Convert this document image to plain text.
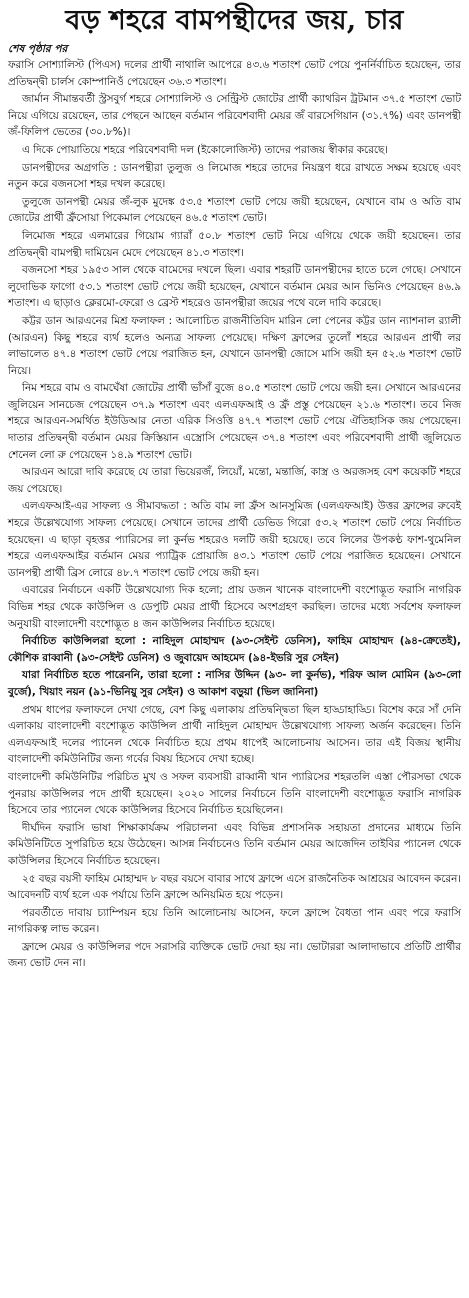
বড় শহরে বামপন্থীদের জয়, চার
শেষ পৃষ্ঠার পর

ফরাসি সোশ্যালিস্ট (পিএস) দলের প্রার্থী নাথালি আপেরে ৪৩.৬ শতাংশ ভোট পেয়ে পুনর্নির্বাচিত হয়েছেন, তার প্রতিদ্বন্দ্বী চার্লস কোম্পানিওঁ পেয়েছেন ৩৬.৩ শতাংশ।

জার্মান সীমান্তবর্তী স্ট্রসবুর্গ শহরে সোশ্যালিস্ট ও সেন্ট্রিস্ট জোটের প্রার্থী ক্যাথরিন ট্রটমান ৩৭.৫ শতাংশ ভোট নিয়ে এগিয়ে রয়েছেন, তার পেছনে আছেন বর্তমান পরিবেশবাদী মেয়র জঁ বারসেগিয়ান (৩১.৭%) এবং ডানপন্থী জঁ-ফিলিপ ভেতের (৩০.৮%)।

এ দিকে পোয়াতিয়ে শহরে পরিবেশবাদী দল (ইকোলোজিস্ট) তাদের পরাজয় স্বীকার করেছে।

ডানপন্থীদের অগ্রগতি : ডানপন্থীরা তুলুজ ও লিমোজ শহরে তাদের নিয়ন্ত্রণ ধরে রাখতে সক্ষম হয়েছে এবং নতুন করে বজনসো শহর দখল করেছে।

তুলুজে ডানপন্থী মেয়র জঁ-লুক মুদেঙ্ক ৫৩.৫ শতাংশ ভোট পেয়ে জয়ী হয়েছেন, যেখানে বাম ও অতি বাম জোটের প্রার্থী ফ্রঁসোয়া পিকেমাল পেয়েছেন ৪৬.৫ শতাংশ ভোট।

লিমোজ শহরে এলমারের গিয়োম গ্যারাঁ ৫০.৮ শতাংশ ভোট নিয়ে এগিয়ে থেকে জয়ী হয়েছেন। তার প্রতিদ্বন্দ্বী বামপন্থী দামিয়েন মেদে পেয়েছেন ৪১.৩ শতাংশ।

বজনসো শহর ১৯৫৩ সাল থেকে বামেদের দখলে ছিল। এবার শহরটি ডানপন্থীদের হাতে চলে গেছে। সেখানে লুদোভিক ফাগো ৫৩.১ শতাংশ ভোট পেয়ে জয়ী হয়েছেন, যেখানে বর্তমান মেয়র আন ভিনিও পেয়েছেন ৪৬.৯ শতাংশ। এ ছাড়াও ক্লেরমো-ফেরো ও ব্রেস্ট শহরেও ডানপন্থীরা জয়ের পথে বলে দাবি করেছে।

কট্টর ডান আরএনের মিশ্র ফলাফল : আলোচিত রাজনীতিবিদ মারিন লো পেনের কট্টর ডান ন্যাশনাল র‍্যালী (আরএন) কিছু শহরে ব্যর্থ হলেও অন্যত্র সাফল্য পেয়েছে। দক্ষিণ ফ্রান্সের তুলোঁ শহরে আরএন প্রার্থী লর লাভালেত ৪৭.৪ শতাংশ ভোট পেয়ে পরাজিত হন, যেখানে ডানপন্থী জোসে মাসি জয়ী হন ৫২.৬ শতাংশ ভোট নিয়ে।

নিম শহরে বাম ও বামঘেঁষা জোটের প্রার্থী ভাঁসাঁ বুজে ৪০.৫ শতাংশ ভোট পেয়ে জয়ী হন। সেখানে আরএনের জুলিয়েন সানচেজ পেয়েছেন ৩৭.৯ শতাংশ এবং এলএফআই ও ফ্রঁ প্রস্তু পেয়েছেন ২১.৬ শতাংশ। তবে নিজ শহরে আরএন-সমর্থিত ইউডিআর নেতা এরিক সিওত্তি ৪৭.৭ শতাংশ ভোট পেয়ে ঐতিহাসিক জয় পেয়েছেন। দাতার প্রতিদ্বন্দ্বী বর্তমান মেয়র ক্রিস্তিয়ান এস্ত্রোসি পেয়েছেন ৩৭.৪ শতাংশ এবং পরিবেশবাদী প্রার্থী জুলিয়েত শেনেল লো রু পেয়েছেন ১৪.৯ শতাংশ ভোট।

আরএন আরো দাবি করেছে যে তারা ভিয়েরজঁ, লিয়োঁ, মন্তো, মন্তার্জি, কাস্ত্র ও অরজসহ বেশ কয়েকটি শহরে জয় পেয়েছে।

এলএফআই-এর সাফল্য ও সীমাবদ্ধতা : অতি বাম লা ফ্রঁস আনসুমিজ (এলএফআই) উত্তর ফ্রান্সের রুবেই শহরে উল্লেখযোগ্য সাফল্য পেয়েছে। সেখানে তাদের প্রার্থী ডেভিড গিরো ৫৩.২ শতাংশ ভোট পেয়ে নির্বাচিত হয়েছেন। এ ছাড়া বৃহত্তর প্যারিসের লা কুর্নভ শহরেও দলটি জয়ী হয়েছে। তবে লিলের উপকণ্ঠ ফাশ-থুমেনিল শহরে এলএফআইর বর্তমান মেয়র প্যাট্রিক প্রোয়াজি ৪৩.১ শতাংশ ভোট পেয়ে পরাজিত হয়েছেন। সেখানে ডানপন্থী প্রার্থী ব্রিস লোরে ৪৮.৭ শতাংশ ভোট পেয়ে জয়ী হন।

এবারের নির্বাচনে একটি উল্লেখযোগ্য দিক হলো; প্রায় ডজন খানেক বাংলাদেশী বংশোদ্ভূত ফরাসি নাগরিক বিভিন্ন শহর থেকে কাউন্সিল ও ডেপুটি মেয়র প্রার্থী হিসেবে অংশগ্রহণ করছিল। তাদের মধ্যে সর্বশেষ ফলাফল অনুযায়ী বাংলাদেশী বংশোদ্ভূত ৪ জন কাউন্সিলর নির্বাচিত হয়েছে।

নির্বাচিত কাউন্সিলরা হলো : নাহিদুল মোহাম্মদ (৯৩-সেইন্ট ডেনিস), ফাহিম মোহাম্মদ (৯৪-ক্রেতেই), কৌশিক রাব্বানী (৯৩-সেইন্ট ডেনিস) ও জুবায়েদ আহমেদ (৯৪-ইভরি সুর সেইন)

যারা নির্বাচিত হতে পারেননি, তারা হলো : নাসির উদ্দিন (৯৩- লা কুর্নভ), শরিফ আল মোমিন (৯৩-লো বুর্জে), খিয়াং নয়ন (৯১-ভিনিয়ু সুর সেইন) ও আকাশ বড়ুয়া (ভিল জানিনা)

প্রথম ধাপের ফলাফলে দেখা গেছে, বেশ কিছু এলাকায় প্রতিদ্বন্দ্বিতা ছিল হাড্ডাহাড্ডি। বিশেষ করে সাঁ দেনি এলাকায় বাংলাদেশী বংশোদ্ভূত কাউন্সিল প্রার্থী নাহিদুল মোহাম্মদ উল্লেখযোগ্য সাফল্য অর্জন করেছেন। তিনি এলএফআই দলের প্যানেল থেকে নির্বাচিত হয়ে প্রথম ধাপেই আলোচনায় আসেন। তার এই বিজয় স্থানীয় বাংলাদেশী কমিউনিটির জন্য গর্বের বিষয় হিসেবে দেখা হচ্ছে।

বাংলাদেশী কমিউনিটির পরিচিত মুখ ও সফল ব্যবসায়ী রাব্বানী খান প্যারিসের শহরতলি এস্তা পৌরসভা থেকে পুনরায় কাউন্সিলর পদে প্রার্থী হয়েছেন। ২০২০ সালের নির্বাচনে তিনি বাংলাদেশী বংশোদ্ভূত ফরাসি নাগরিক হিসেবে তার প্যানেল থেকে কাউন্সিলর হিসেবে নির্বাচিত হয়েছিলেন।

দীর্ঘদিন ফরাসি ভাষা শিক্ষাকার্যক্রম পরিচালনা এবং বিভিন্ন প্রশাসনিক সহায়তা প্রদানের মাধ্যমে তিনি কমিউনিটিতে সুপরিচিত হয়ে উঠেছেন। আসন্ন নির্বাচনেও তিনি বর্তমান মেয়র আজেদিন তাইবির প্যানেল থেকে কাউন্সিলর হিসেবে নির্বাচিত হয়েছেন।

২৫ বছর বয়সী ফাহিম মোহাম্মদ ৮ বছর বয়সে বাবার সাথে ফ্রান্সে এসে রাজনৈতিক আশ্রয়ের আবেদন করেন। আবেদনটি ব্যর্থ হলে এক পর্যায়ে তিনি ফ্রান্সে অনিয়মিত হয়ে পড়েন।

পরবর্তীতে দাবায় চ্যাম্পিয়ন হয়ে তিনি আলোচনায় আসেন, ফলে ফ্রান্সে বৈধতা পান এবং পরে ফরাসি নাগরিকত্ব লাভ করেন।

ফ্রান্সে মেয়র ও কাউন্সিলর পদে সরাসরি ব্যক্তিকে ভোট দেয়া হয় না। ভোটাররা আলাদাভাবে প্রতিটি প্রার্থীর জন্য ভোট দেন না।
